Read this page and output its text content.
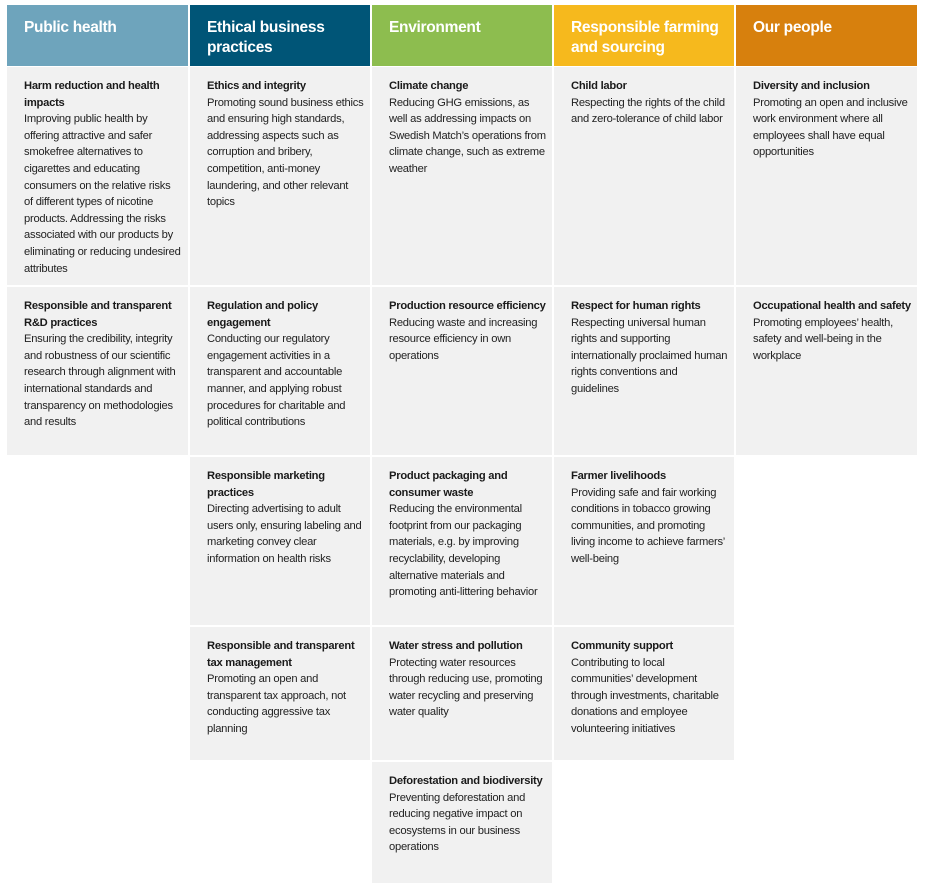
Public health	Ethical business practices
Environment	Responsible farming and sourcing
Our people
Harm reduction and health impacts
Improving public health by offering attractive and safer smokefree alternatives to cigarettes and educating consumers on the relative risks of different types of nicotine products. Addressing the risks associated with our products by eliminating or reducing undesired attributes
Ethics and integrity
Promoting sound business ethics and ensuring high standards, addressing aspects such as corruption and bribery, competition, anti-money laundering, and other relevant topics
Climate change
Reducing GHG emissions, as well as addressing impacts on Swedish Match’s operations from climate change, such as extreme weather
Child labor
Respecting the rights of the child and zero-tolerance of child labor
Diversity and inclusion
Promoting an open and inclusive work environment where all employees shall have equal opportunities
Responsible and transparent R&D practices
Ensuring the credibility, integrity and robustness of our scientific research through alignment with international standards and transparency on methodologies and results
Regulation and policy engagement
Conducting our regulatory engagement activities in a transparent and accountable manner, and applying robust procedures for charitable and political contributions
Production resource efficiency
Reducing waste and increasing resource efficiency in own operations
Respect for human rights
Respecting universal human rights and supporting internationally proclaimed human rights conventions and guidelines
Occupational health and safety
Promoting employees’ health, safety and well-being in the workplace
Responsible marketing practices
Directing advertising to adult users only, ensuring labeling and marketing convey clear information on health risks
Product packaging and consumer waste
Reducing the environmental footprint from our packaging materials, e.g. by improving recyclability, developing alternative materials and promoting anti-littering behavior
Farmer livelihoods
Providing safe and fair working conditions in tobacco growing communities, and promoting living income to achieve farmers’ well-being
Responsible and transparent tax management
Promoting an open and transparent tax approach, not conducting aggressive tax planning
Water stress and pollution
Protecting water resources through reducing use, promoting water recycling and preserving water quality
Community support
Contributing to local communities’ development through investments, charitable donations and employee volunteering initiatives
Deforestation and biodiversity
Preventing deforestation and reducing negative impact on ecosystems in our business operations
